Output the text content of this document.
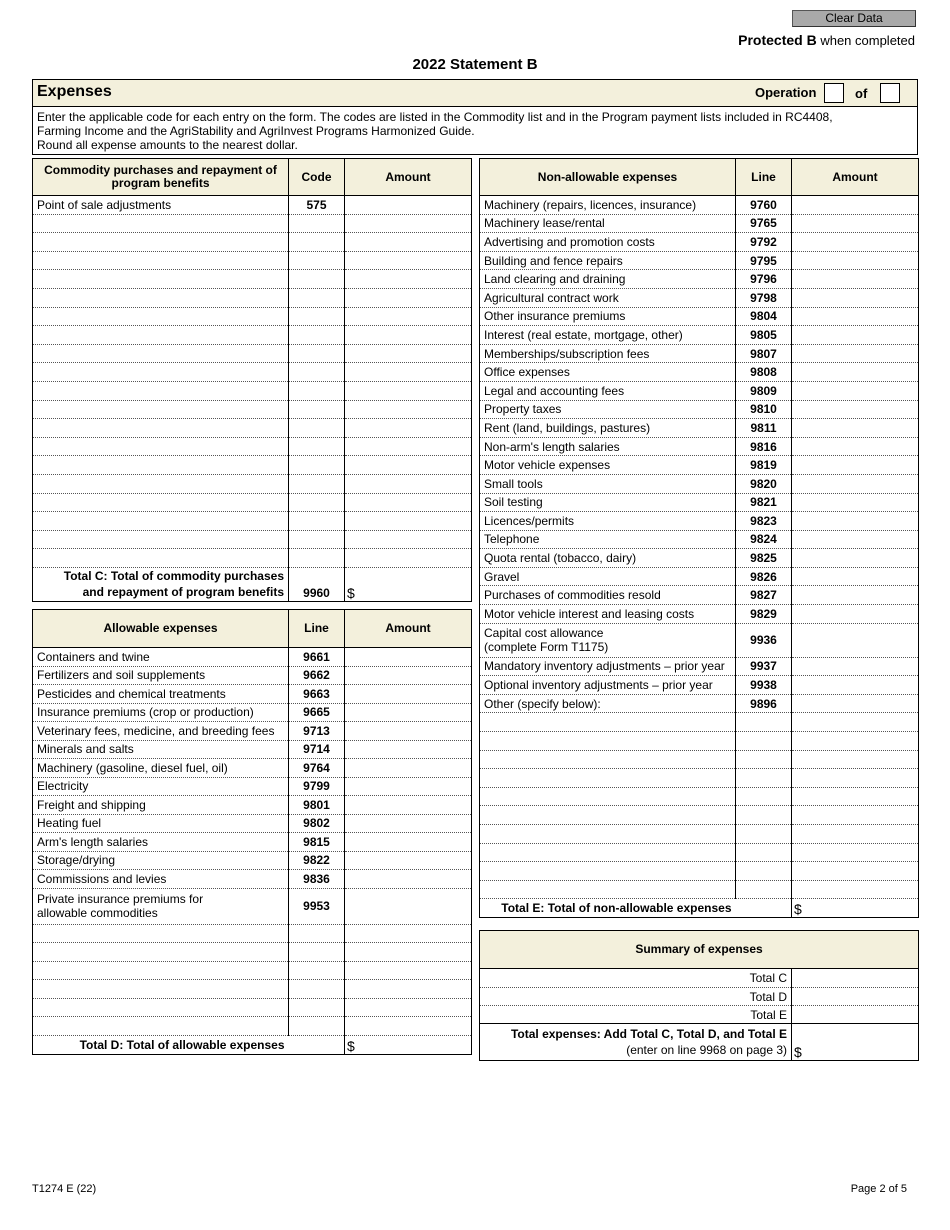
Clear Data
Protected B when completed
2022 Statement B
Expenses	Operation	of
Enter the applicable code for each entry on the form. The codes are listed in the Commodity list and in the Program payment lists included in RC4408,
Farming Income and the AgriStability and AgriInvest Programs Harmonized Guide.
Round all expense amounts to the nearest dollar.
Commodity purchases and repayment of program benefits	Code	Amount
Point of sale adjustments	575	

Total C: Total of commodity purchases
and repayment of program benefits	9960	$
Allowable expenses	Line	Amount
Containers and twine	9661	
Fertilizers and soil supplements	9662	
Pesticides and chemical treatments	9663	
Insurance premiums (crop or production)	9665	
Veterinary fees, medicine, and breeding fees	9713	
Minerals and salts	9714	
Machinery (gasoline, diesel fuel, oil)	9764	
Electricity	9799	
Freight and shipping	9801	
Heating fuel	9802	
Arm's length salaries	9815	
Storage/drying	9822	
Commissions and levies	9836	

Private insurance premiums for
allowable commodities	9953	

Total D: Total of allowable expenses		$
Non-allowable expenses	Line	Amount
Machinery (repairs, licences, insurance)	9760	
Machinery lease/rental	9765	
Advertising and promotion costs	9792	
Building and fence repairs	9795	
Land clearing and draining	9796	
Agricultural contract work	9798	
Other insurance premiums	9804	
Interest (real estate, mortgage, other)	9805	
Memberships/subscription fees	9807	
Office expenses	9808	
Legal and accounting fees	9809	
Property taxes	9810	
Rent (land, buildings, pastures)	9811	
Non-arm's length salaries	9816	
Motor vehicle expenses	9819	
Small tools	9820	
Soil testing	9821	
Licences/permits	9823	
Telephone	9824	
Quota rental (tobacco, dairy)	9825	
Gravel	9826	
Purchases of commodities resold	9827	
Motor vehicle interest and leasing costs	9829	

Capital cost allowance
(complete Form T1175)	9936	
Mandatory inventory adjustments – prior year	9937	
Optional inventory adjustments – prior year	9938	
Other (specify below):	9896	

Total E: Total of non-allowable expenses		$
Summary of expenses	
Total C	
Total D	
Total E	

Total expenses: Add Total C, Total D, and Total E
(enter on line 9968 on page 3)	$
T1274 E (22)	Page 2 of 5
